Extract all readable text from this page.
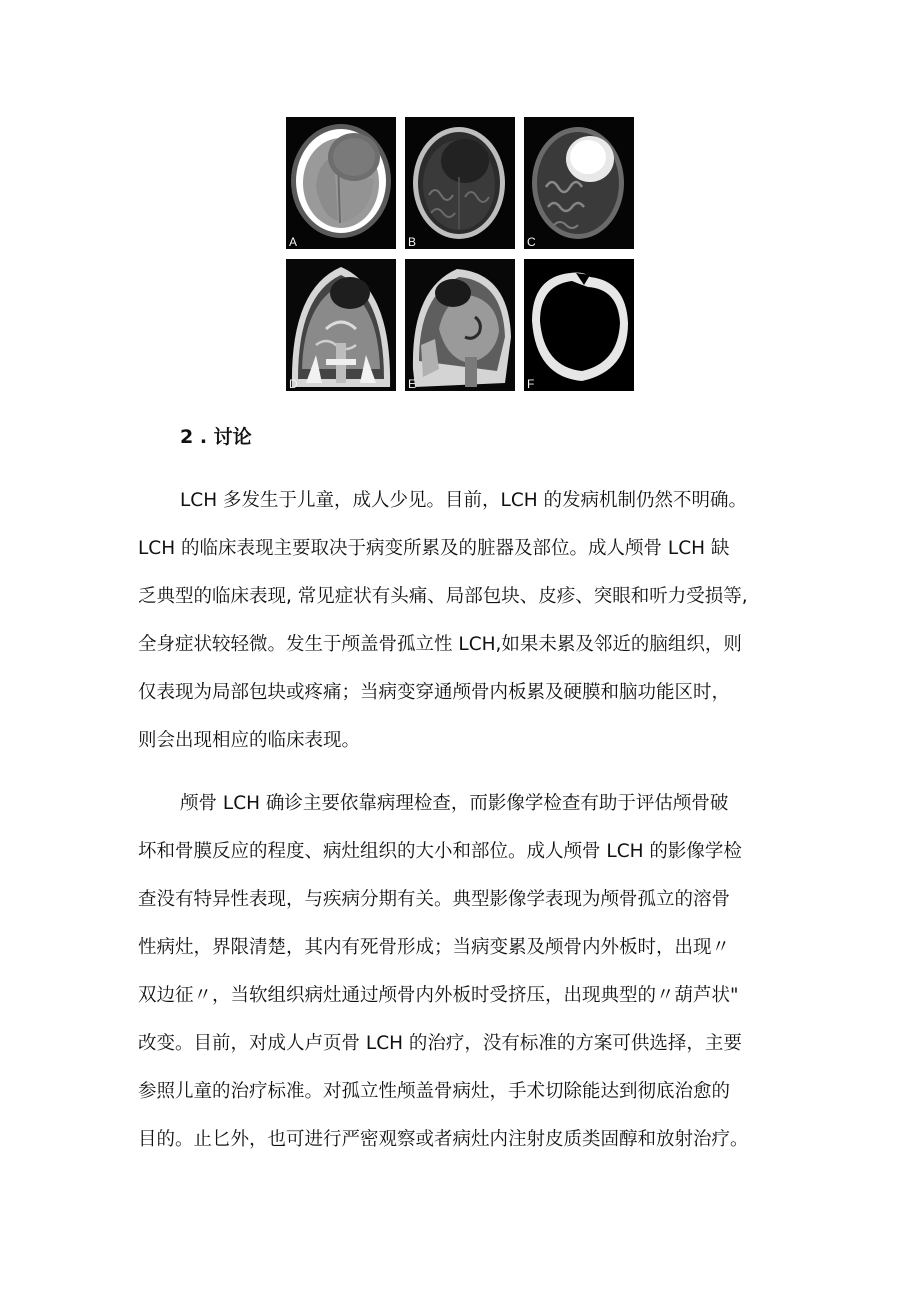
A	B	C
D	E	F
2 . 讨论
LCH 多发生于儿童，成人少见。目前，LCH 的发病机制仍然不明确。
LCH 的临床表现主要取决于病变所累及的脏器及部位。成人颅骨 LCH 缺
乏典型的临床表现, 常见症状有头痛、局部包块、皮疹、突眼和听力受损等,
全身症状较轻微。发生于颅盖骨孤立性 LCH,如果未累及邻近的脑组织，则
仅表现为局部包块或疼痛；当病变穿通颅骨内板累及硬膜和脑功能区时，
则会出现相应的临床表现。
颅骨 LCH 确诊主要依靠病理检查，而影像学检查有助于评估颅骨破
坏和骨膜反应的程度、病灶组织的大小和部位。成人颅骨 LCH 的影像学检
查没有特异性表现，与疾病分期有关。典型影像学表现为颅骨孤立的溶骨
性病灶，界限清楚，其内有死骨形成；当病变累及颅骨内外板时，出现〃
双边征〃，当软组织病灶通过颅骨内外板时受挤压，出现典型的〃葫芦状"
改变。目前，对成人卢页骨 LCH 的治疗，没有标准的方案可供选择，主要
参照儿童的治疗标准。对孤立性颅盖骨病灶，手术切除能达到彻底治愈的
目的。止匕外，也可进行严密观察或者病灶内注射皮质类固醇和放射治疗。
